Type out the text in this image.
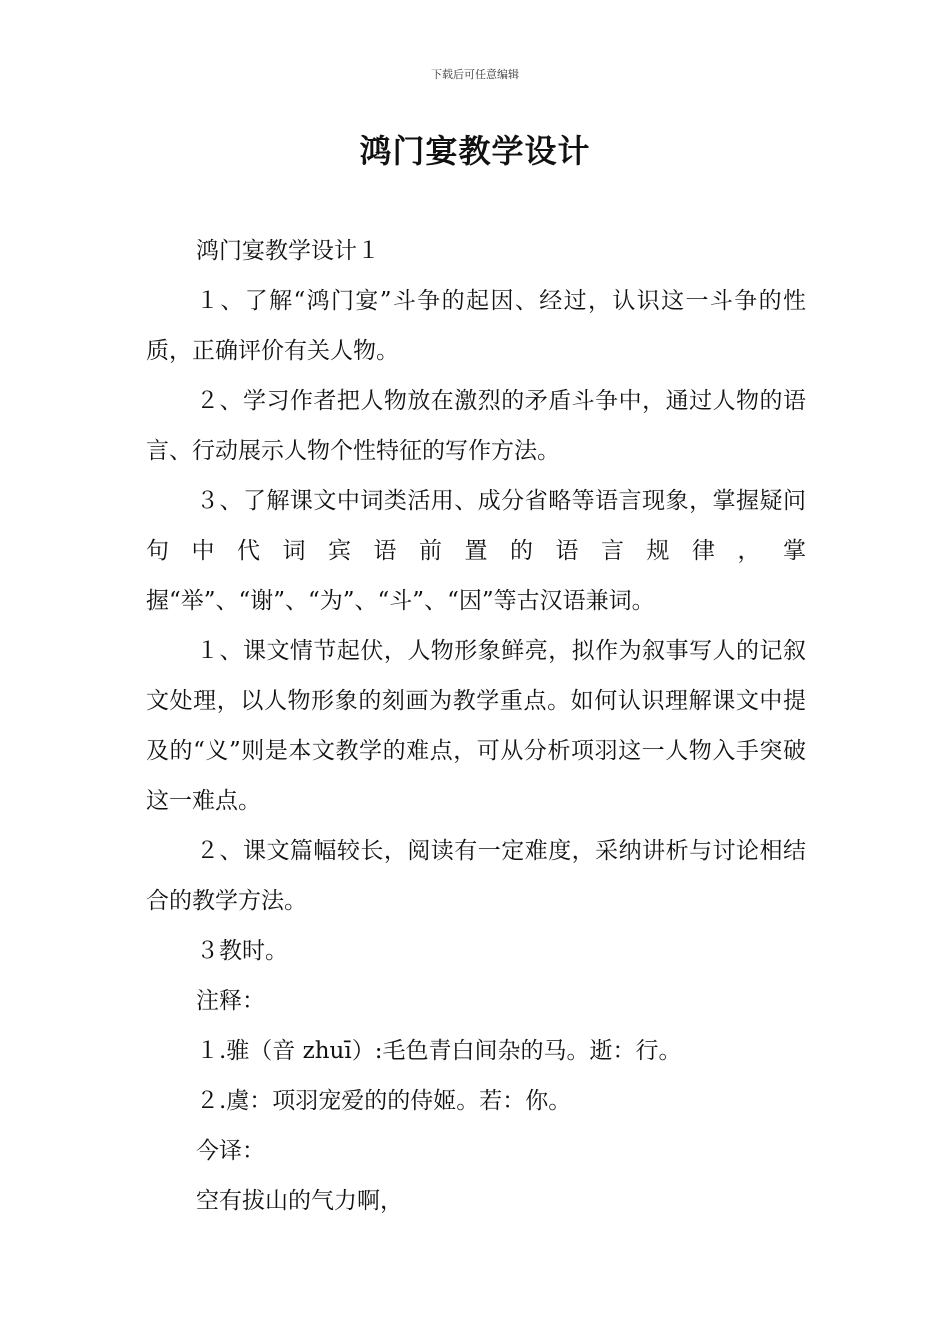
下载后可任意编辑
鸿门宴教学设计

鸿门宴教学设计１

１、了解“鸿门宴”斗争的起因、经过，认识这一斗争的性质，正确评价有关人物。

２、学习作者把人物放在激烈的矛盾斗争中，通过人物的语言、行动展示人物个性特征的写作方法。

３、了解课文中词类活用、成分省略等语言现象，掌握疑问句中代词宾语前置的语言规律，掌握“举”、“谢”、“为”、“斗”、“因”等古汉语兼词。

１、课文情节起伏，人物形象鲜亮，拟作为叙事写人的记叙文处理，以人物形象的刻画为教学重点。如何认识理解课文中提及的“义”则是本文教学的难点，可从分析项羽这一人物入手突破这一难点。

２、课文篇幅较长，阅读有一定难度，采纳讲析与讨论相结合的教学方法。

３教时。

注释：

１.骓（音 zhuī）:毛色青白间杂的马。逝：行。

２.虞：项羽宠爱的的侍姬。若：你。

今译：

空有拔山的气力啊，
